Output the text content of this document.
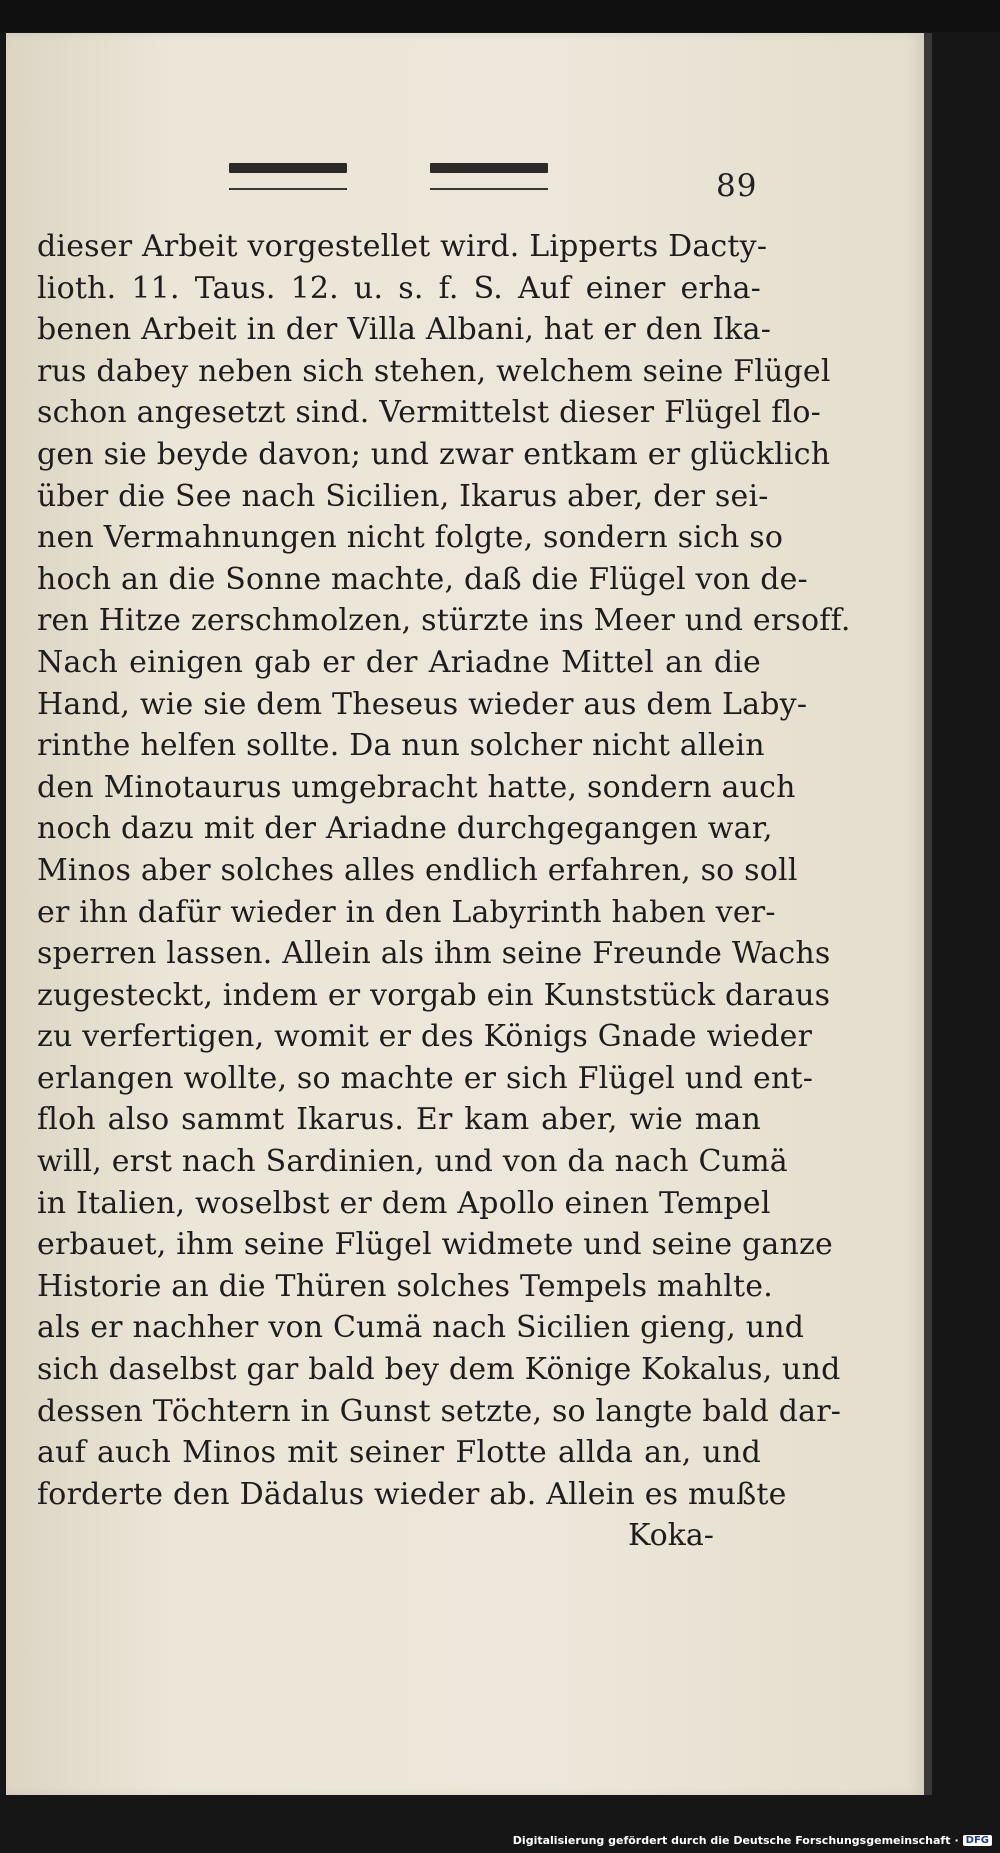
89
dieser Arbeit vorgestellet wird. Lipperts Dacty-
lioth. 11. Taus. 12. u. s. f. S. Auf einer erha-
benen Arbeit in der Villa Albani, hat er den Ika-
rus dabey neben sich stehen, welchem seine Flügel
schon angesetzt sind. Vermittelst dieser Flügel flo-
gen sie beyde davon; und zwar entkam er glücklich
über die See nach Sicilien, Ikarus aber, der sei-
nen Vermahnungen nicht folgte, sondern sich so
hoch an die Sonne machte, daß die Flügel von de-
ren Hitze zerschmolzen, stürzte ins Meer und ersoff.
Nach einigen gab er der Ariadne Mittel an die
Hand, wie sie dem Theseus wieder aus dem Laby-
rinthe helfen sollte. Da nun solcher nicht allein
den Minotaurus umgebracht hatte, sondern auch
noch dazu mit der Ariadne durchgegangen war,
Minos aber solches alles endlich erfahren, so soll
er ihn dafür wieder in den Labyrinth haben ver-
sperren lassen. Allein als ihm seine Freunde Wachs
zugesteckt, indem er vorgab ein Kunststück daraus
zu verfertigen, womit er des Königs Gnade wieder
erlangen wollte, so machte er sich Flügel und ent-
floh also sammt Ikarus. Er kam aber, wie man
will, erst nach Sardinien, und von da nach Cumä
in Italien, woselbst er dem Apollo einen Tempel
erbauet, ihm seine Flügel widmete und seine ganze
Historie an die Thüren solches Tempels mahlte.
als er nachher von Cumä nach Sicilien gieng, und
sich daselbst gar bald bey dem Könige Kokalus, und
dessen Töchtern in Gunst setzte, so langte bald dar-
auf auch Minos mit seiner Flotte allda an, und
forderte den Dädalus wieder ab. Allein es mußte
Koka-
Digitalisierung gefördert durch die Deutsche Forschungsgemeinschaft · DFG
